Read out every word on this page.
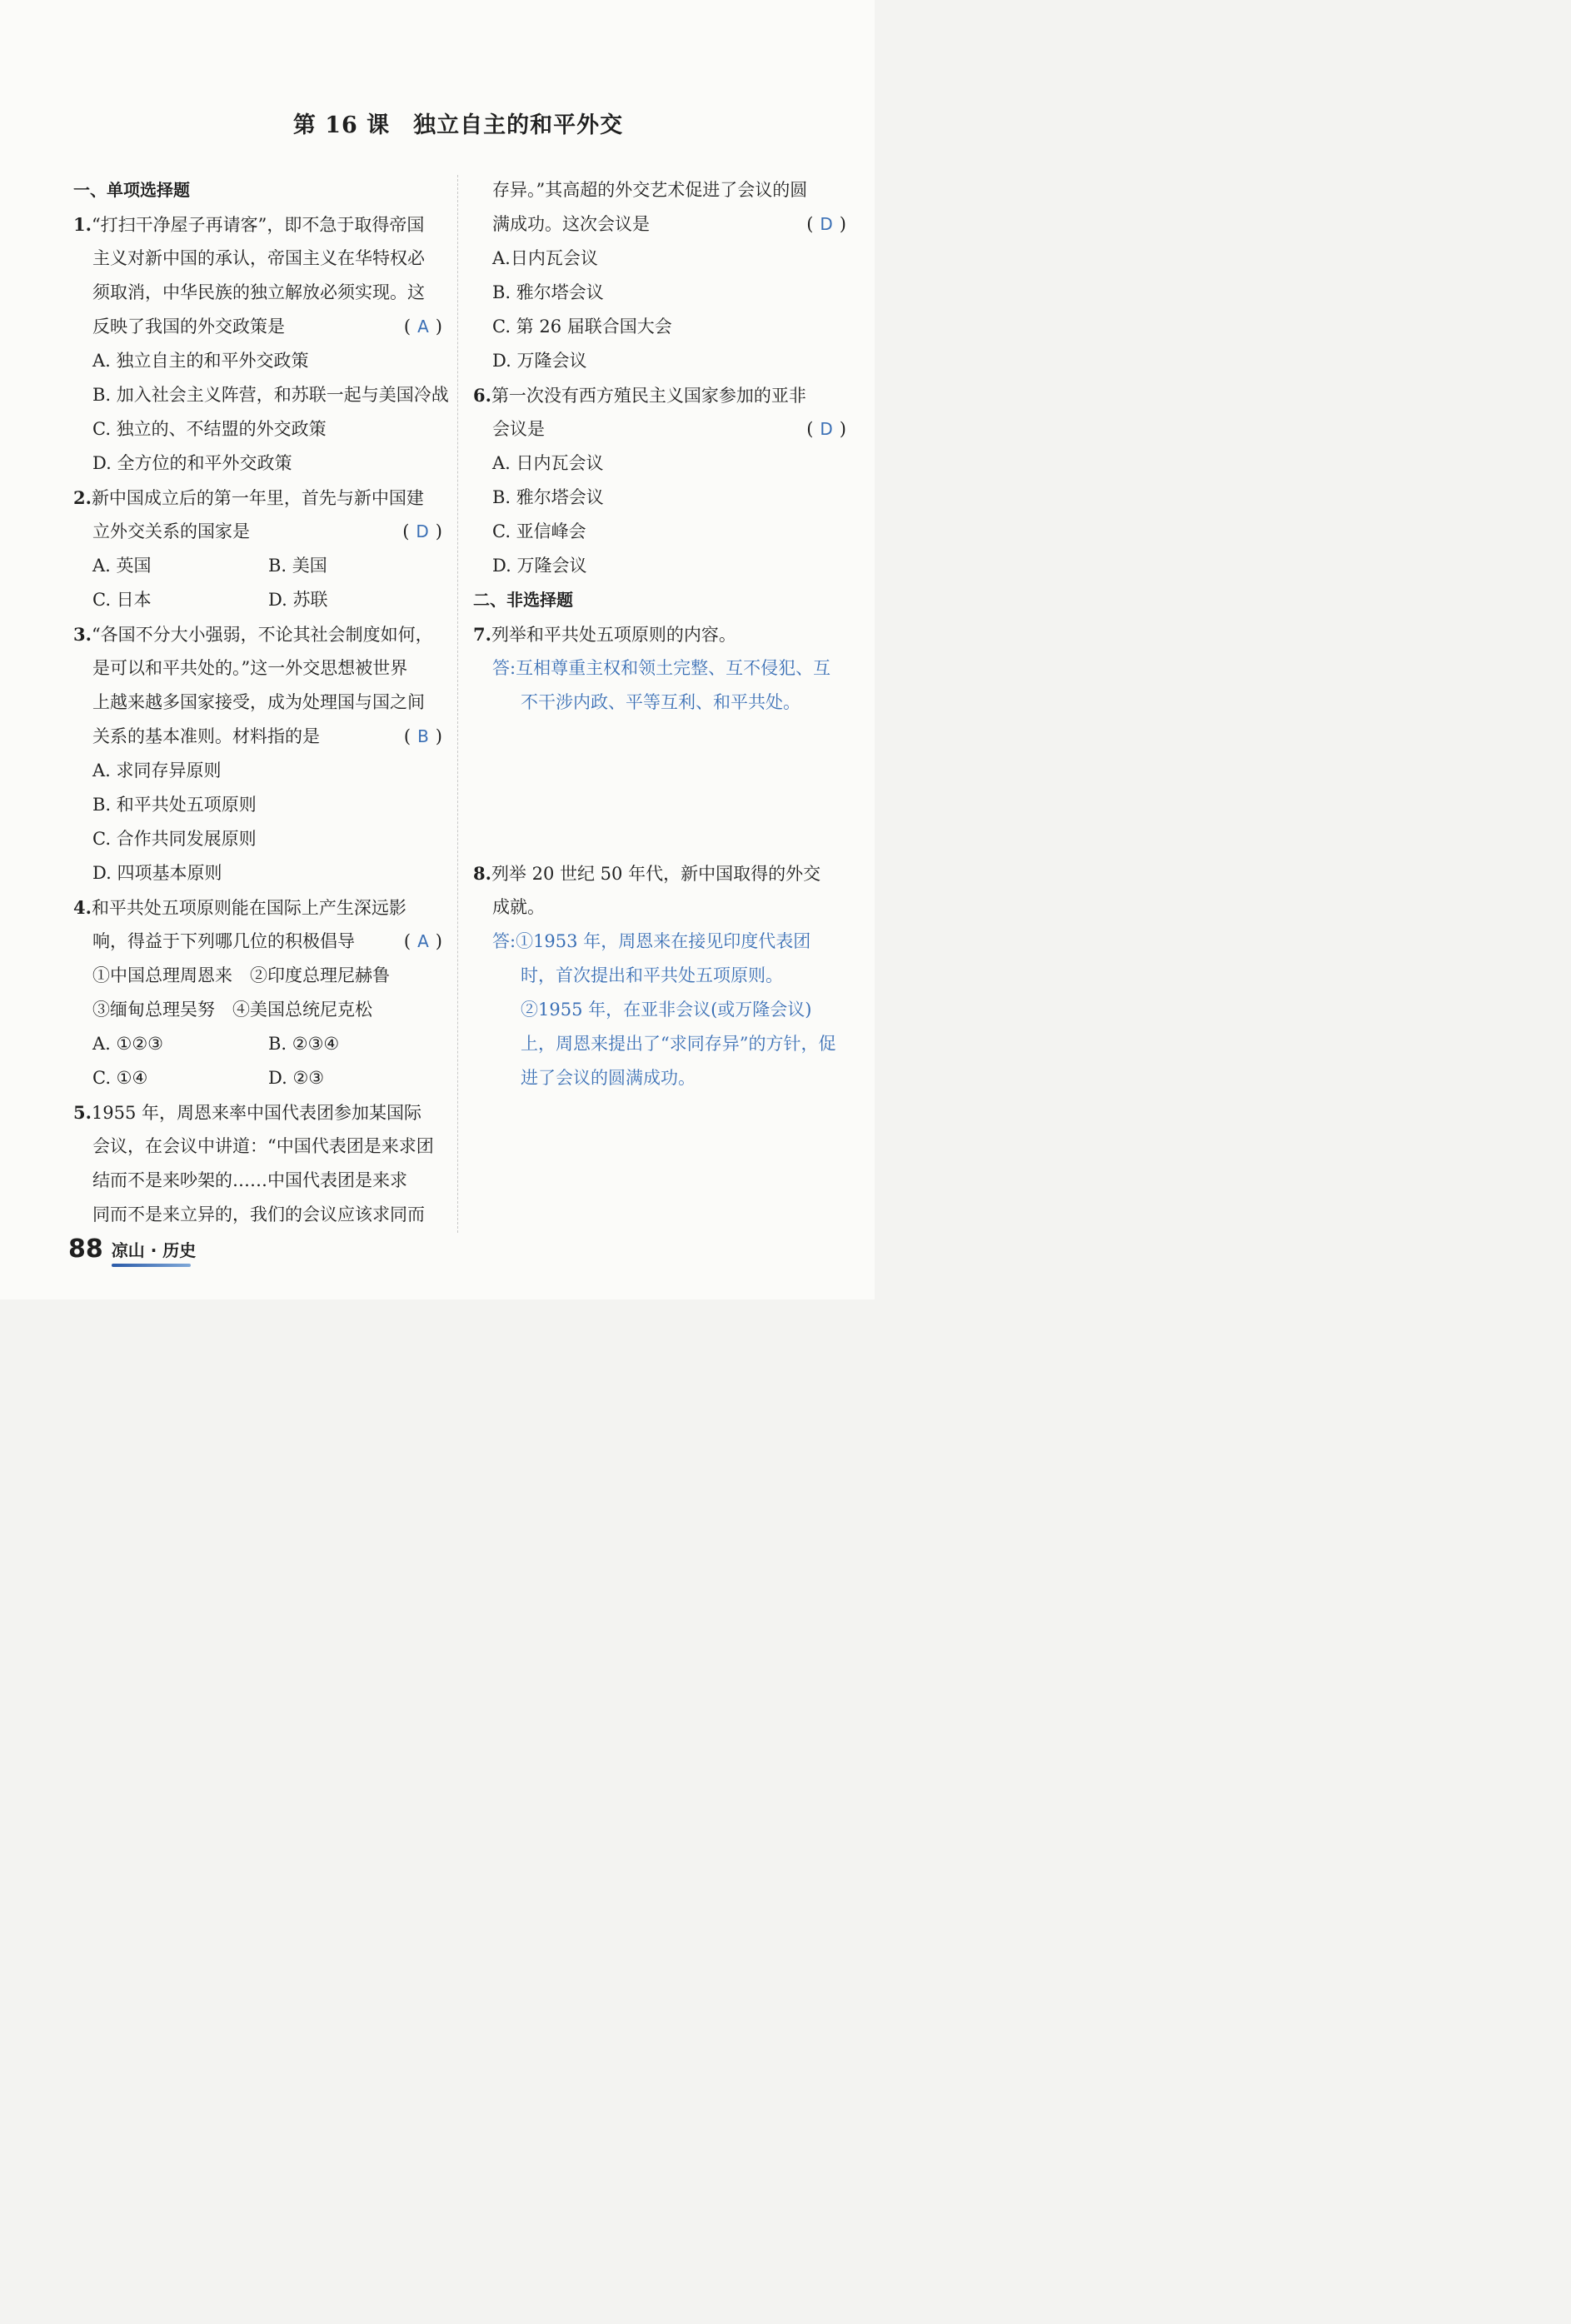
第 16 课　独立自主的和平外交
一、单项选择题
1.“打扫干净屋子再请客”，即不急于取得帝国
主义对新中国的承认，帝国主义在华特权必
须取消，中华民族的独立解放必须实现。这
反映了我国的外交政策是	( A )
A. 独立自主的和平外交政策
B. 加入社会主义阵营，和苏联一起与美国冷战
C. 独立的、不结盟的外交政策
D. 全方位的和平外交政策
2.新中国成立后的第一年里，首先与新中国建
立外交关系的国家是	( D )
A. 英国	B. 美国
C. 日本	D. 苏联
3.“各国不分大小强弱，不论其社会制度如何，
是可以和平共处的。”这一外交思想被世界
上越来越多国家接受，成为处理国与国之间
关系的基本准则。材料指的是	( B )
A. 求同存异原则
B. 和平共处五项原则
C. 合作共同发展原则
D. 四项基本原则
4.和平共处五项原则能在国际上产生深远影
响，得益于下列哪几位的积极倡导	( A )
①中国总理周恩来　②印度总理尼赫鲁
③缅甸总理吴努　④美国总统尼克松
A. ①②③	B. ②③④
C. ①④	D. ②③
5.1955 年，周恩来率中国代表团参加某国际
会议，在会议中讲道：“中国代表团是来求团
结而不是来吵架的……中国代表团是来求
同而不是来立异的，我们的会议应该求同而
存异。”其高超的外交艺术促进了会议的圆
满成功。这次会议是	( D )
A.日内瓦会议
B. 雅尔塔会议
C. 第 26 届联合国大会
D. 万隆会议
6.第一次没有西方殖民主义国家参加的亚非
会议是	( D )
A. 日内瓦会议
B. 雅尔塔会议
C. 亚信峰会
D. 万隆会议
二、非选择题
7.列举和平共处五项原则的内容。
答:互相尊重主权和领土完整、互不侵犯、互
不干涉内政、平等互利、和平共处。
8.列举 20 世纪 50 年代，新中国取得的外交
成就。
答:①1953 年，周恩来在接见印度代表团
时，首次提出和平共处五项原则。
②1955 年，在亚非会议(或万隆会议)
上，周恩来提出了“求同存异”的方针，促
进了会议的圆满成功。
88 凉山 · 历史
